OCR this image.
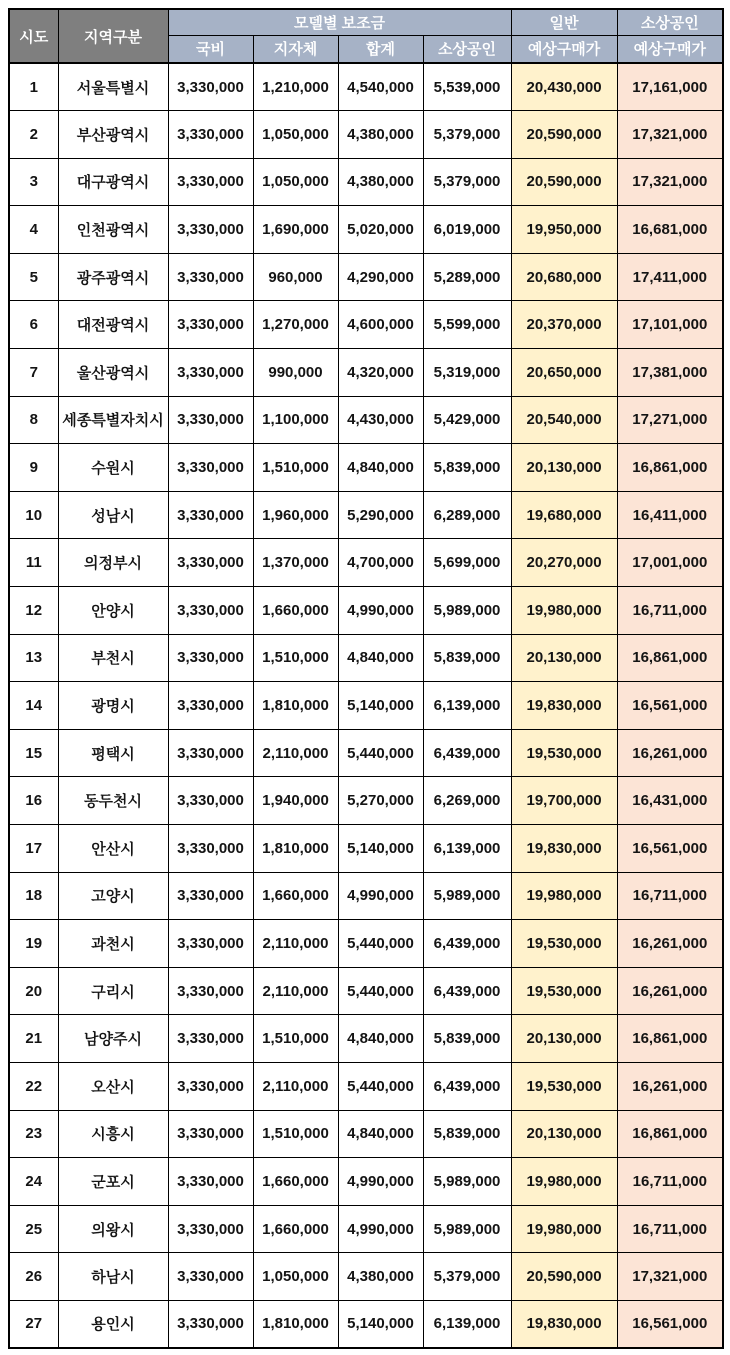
시도	지역구분	모델별 보조금				일반	소상공인
		국비	지자체	합계	소상공인	예상구매가	예상구매가
1	서울특별시	3,330,000	1,210,000	4,540,000	5,539,000	20,430,000	17,161,000
2	부산광역시	3,330,000	1,050,000	4,380,000	5,379,000	20,590,000	17,321,000
3	대구광역시	3,330,000	1,050,000	4,380,000	5,379,000	20,590,000	17,321,000
4	인천광역시	3,330,000	1,690,000	5,020,000	6,019,000	19,950,000	16,681,000
5	광주광역시	3,330,000	960,000	4,290,000	5,289,000	20,680,000	17,411,000
6	대전광역시	3,330,000	1,270,000	4,600,000	5,599,000	20,370,000	17,101,000
7	울산광역시	3,330,000	990,000	4,320,000	5,319,000	20,650,000	17,381,000
8	세종특별자치시	3,330,000	1,100,000	4,430,000	5,429,000	20,540,000	17,271,000
9	수원시	3,330,000	1,510,000	4,840,000	5,839,000	20,130,000	16,861,000
10	성남시	3,330,000	1,960,000	5,290,000	6,289,000	19,680,000	16,411,000
11	의정부시	3,330,000	1,370,000	4,700,000	5,699,000	20,270,000	17,001,000
12	안양시	3,330,000	1,660,000	4,990,000	5,989,000	19,980,000	16,711,000
13	부천시	3,330,000	1,510,000	4,840,000	5,839,000	20,130,000	16,861,000
14	광명시	3,330,000	1,810,000	5,140,000	6,139,000	19,830,000	16,561,000
15	평택시	3,330,000	2,110,000	5,440,000	6,439,000	19,530,000	16,261,000
16	동두천시	3,330,000	1,940,000	5,270,000	6,269,000	19,700,000	16,431,000
17	안산시	3,330,000	1,810,000	5,140,000	6,139,000	19,830,000	16,561,000
18	고양시	3,330,000	1,660,000	4,990,000	5,989,000	19,980,000	16,711,000
19	과천시	3,330,000	2,110,000	5,440,000	6,439,000	19,530,000	16,261,000
20	구리시	3,330,000	2,110,000	5,440,000	6,439,000	19,530,000	16,261,000
21	남양주시	3,330,000	1,510,000	4,840,000	5,839,000	20,130,000	16,861,000
22	오산시	3,330,000	2,110,000	5,440,000	6,439,000	19,530,000	16,261,000
23	시흥시	3,330,000	1,510,000	4,840,000	5,839,000	20,130,000	16,861,000
24	군포시	3,330,000	1,660,000	4,990,000	5,989,000	19,980,000	16,711,000
25	의왕시	3,330,000	1,660,000	4,990,000	5,989,000	19,980,000	16,711,000
26	하남시	3,330,000	1,050,000	4,380,000	5,379,000	20,590,000	17,321,000
27	용인시	3,330,000	1,810,000	5,140,000	6,139,000	19,830,000	16,561,000
